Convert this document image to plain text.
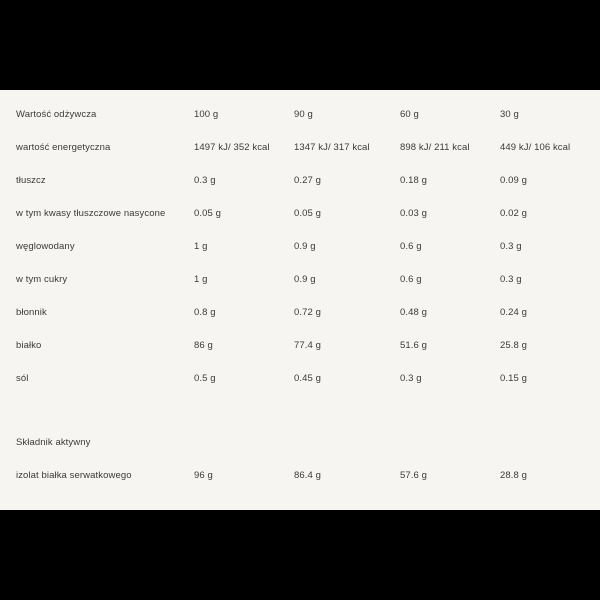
Wartość odżywcza	100 g	90 g	60 g	30 g
wartość energetyczna	1497 kJ/ 352 kcal	1347 kJ/ 317 kcal	898 kJ/ 211 kcal	449 kJ/ 106 kcal
tłuszcz	0.3 g	0.27 g	0.18 g	0.09 g
w tym kwasy tłuszczowe nasycone	0.05 g	0.05 g	0.03 g	0.02 g
węglowodany	1 g	0.9 g	0.6 g	0.3 g
w tym cukry	1 g	0.9 g	0.6 g	0.3 g
błonnik	0.8 g	0.72 g	0.48 g	0.24 g
białko	86 g	77.4 g	51.6 g	25.8 g
sól	0.5 g	0.45 g	0.3 g	0.15 g

Składnik aktywny				
izolat białka serwatkowego	96 g	86.4 g	57.6 g	28.8 g
